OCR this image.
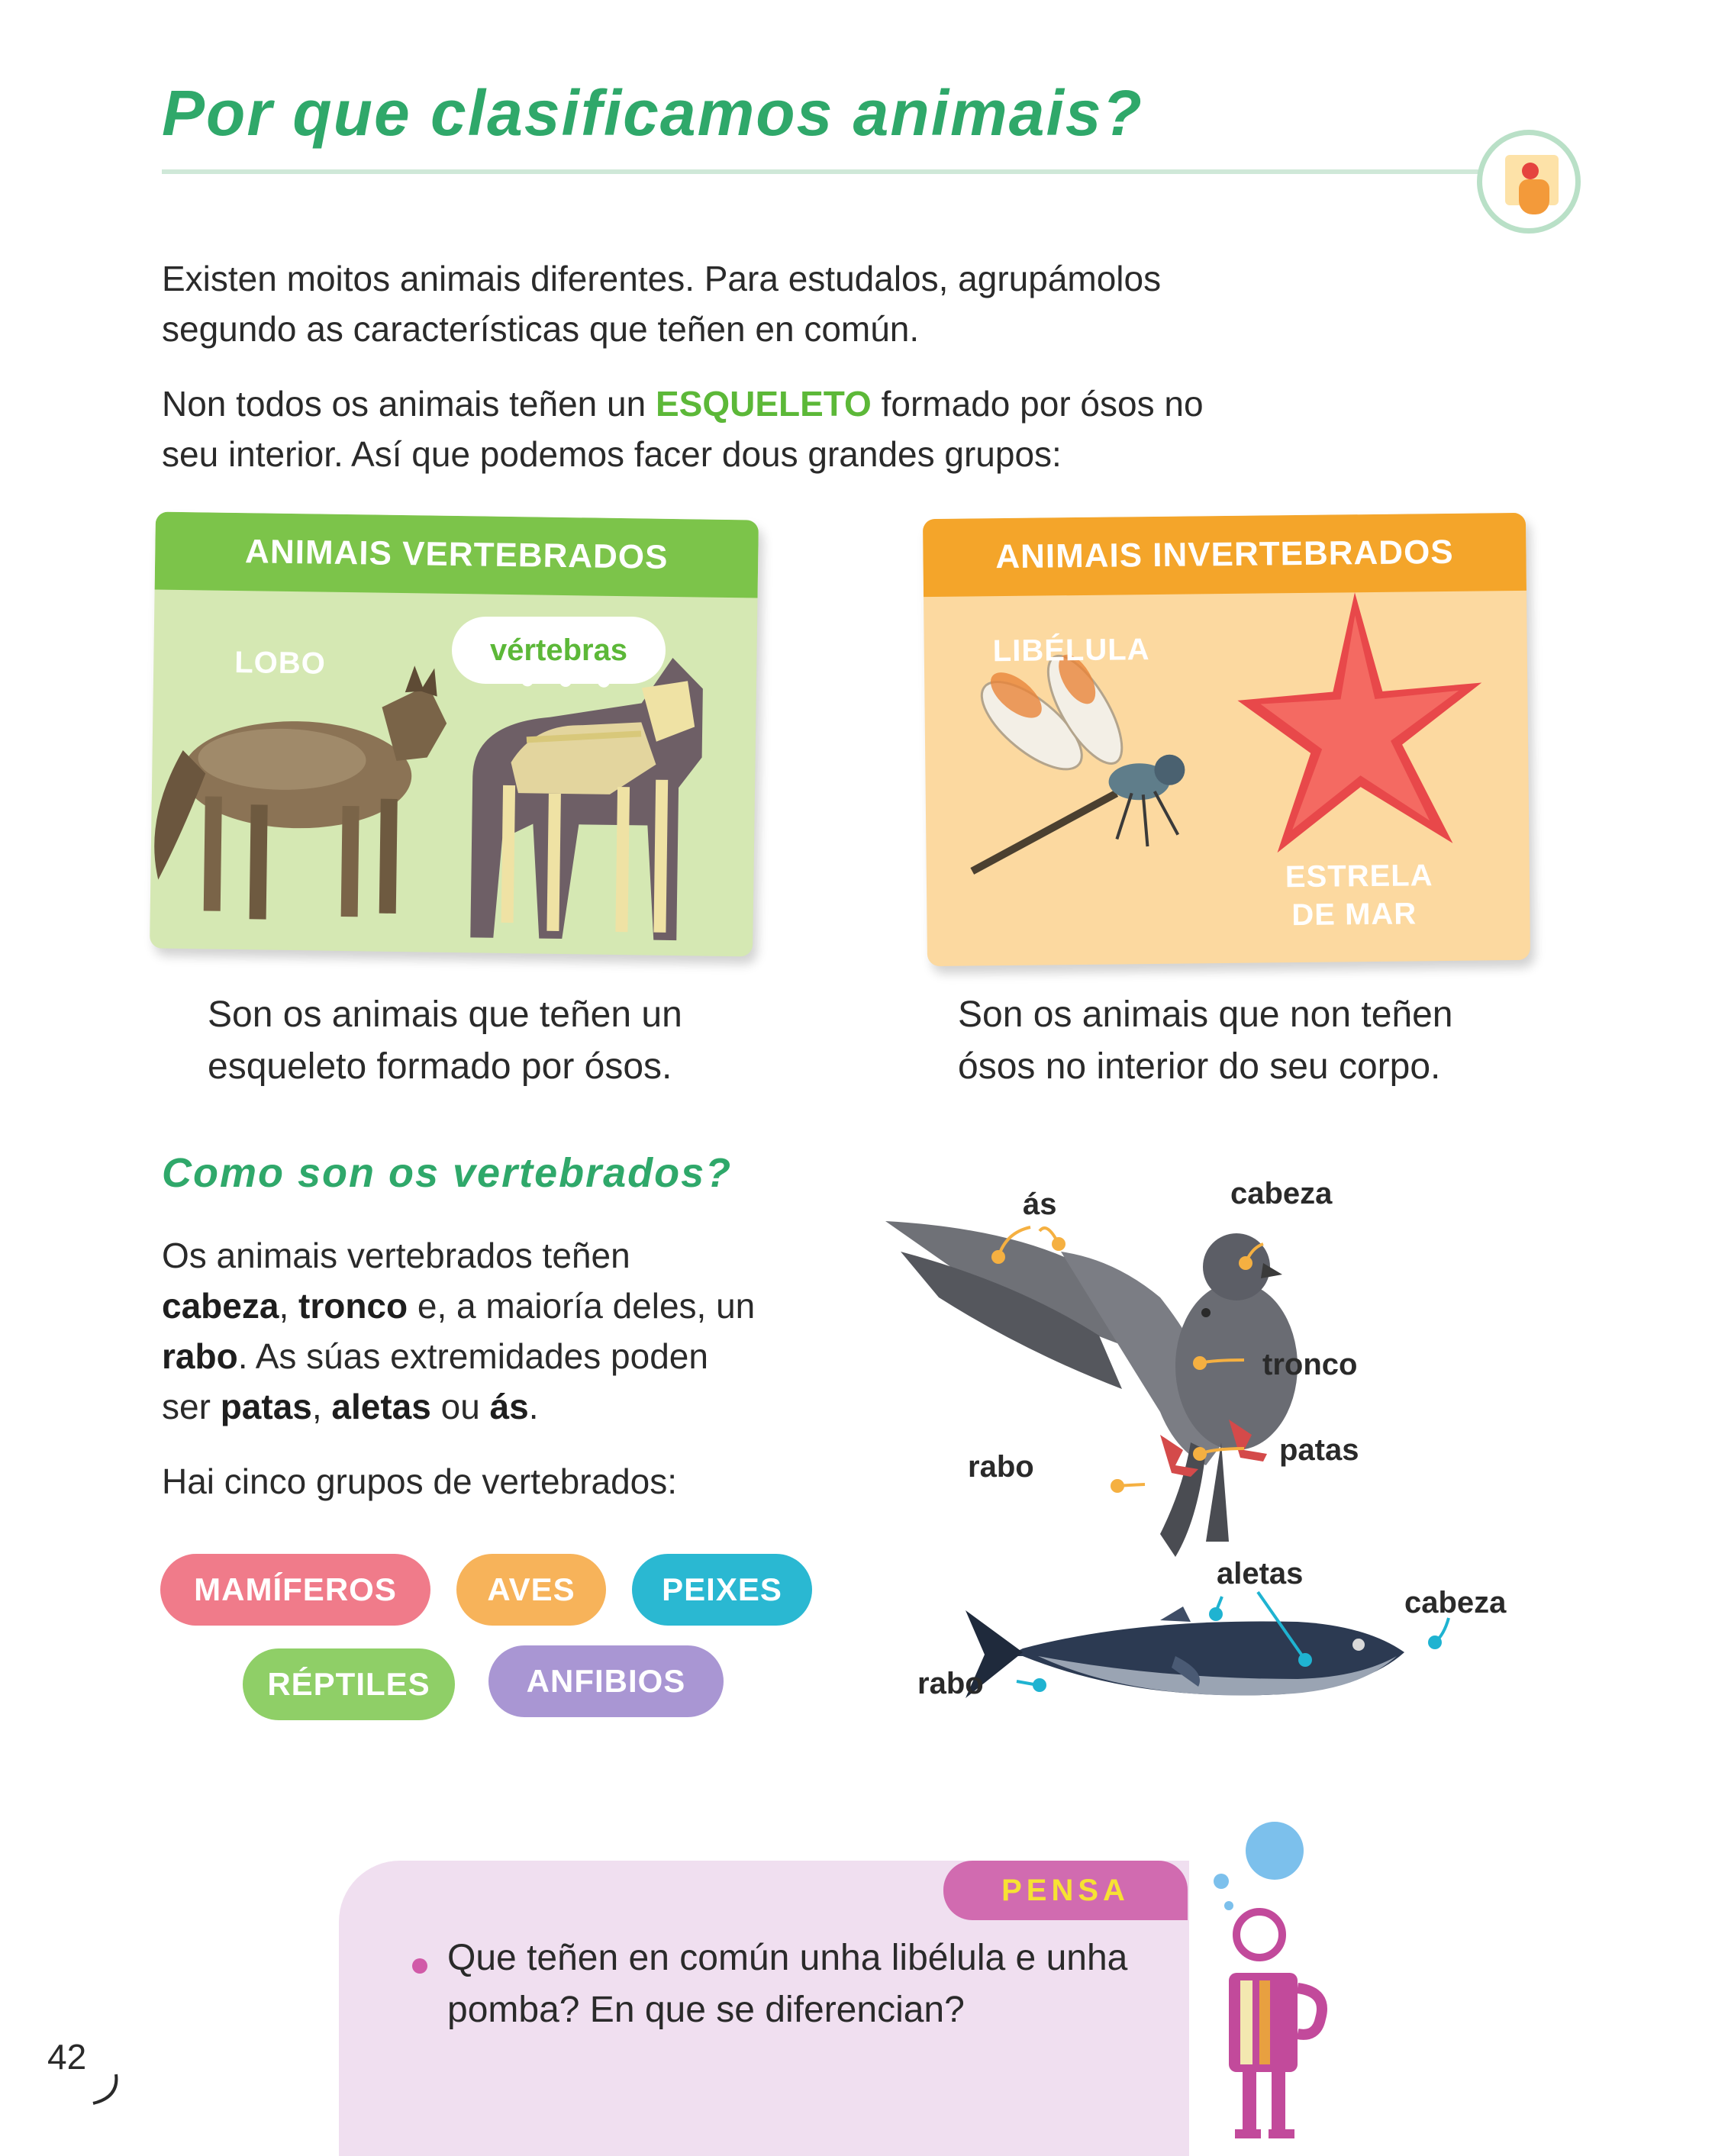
Por que clasificamos animais?

Existen moitos animais diferentes. Para estudalos, agrupámolos segundo as características que teñen en común.

Non todos os animais teñen un ESQUELETO formado por ósos no seu interior. Así que podemos facer dous grandes grupos:

ANIMAIS VERTEBRADOS
LOBO	vértebras

Son os animais que teñen un esqueleto formado por ósos.

ANIMAIS INVERTEBRADOS
LIBÉLULA
ESTRELA
DE MAR

Son os animais que non teñen ósos no interior do seu corpo.

Como son os vertebrados?

Os animais vertebrados teñen cabeza, tronco e, a maioría deles, un rabo. As súas extremidades poden ser patas, aletas ou ás.

Hai cinco grupos de vertebrados:

MAMÍFEROS	AVES	PEIXES
RÉPTILES	ANFIBIOS
ás	cabeza
tronco
patas
rabo
aletas
cabeza
rabo
PENSA

Que teñen en común unha libélula e unha pomba? En que se diferencian?

42
